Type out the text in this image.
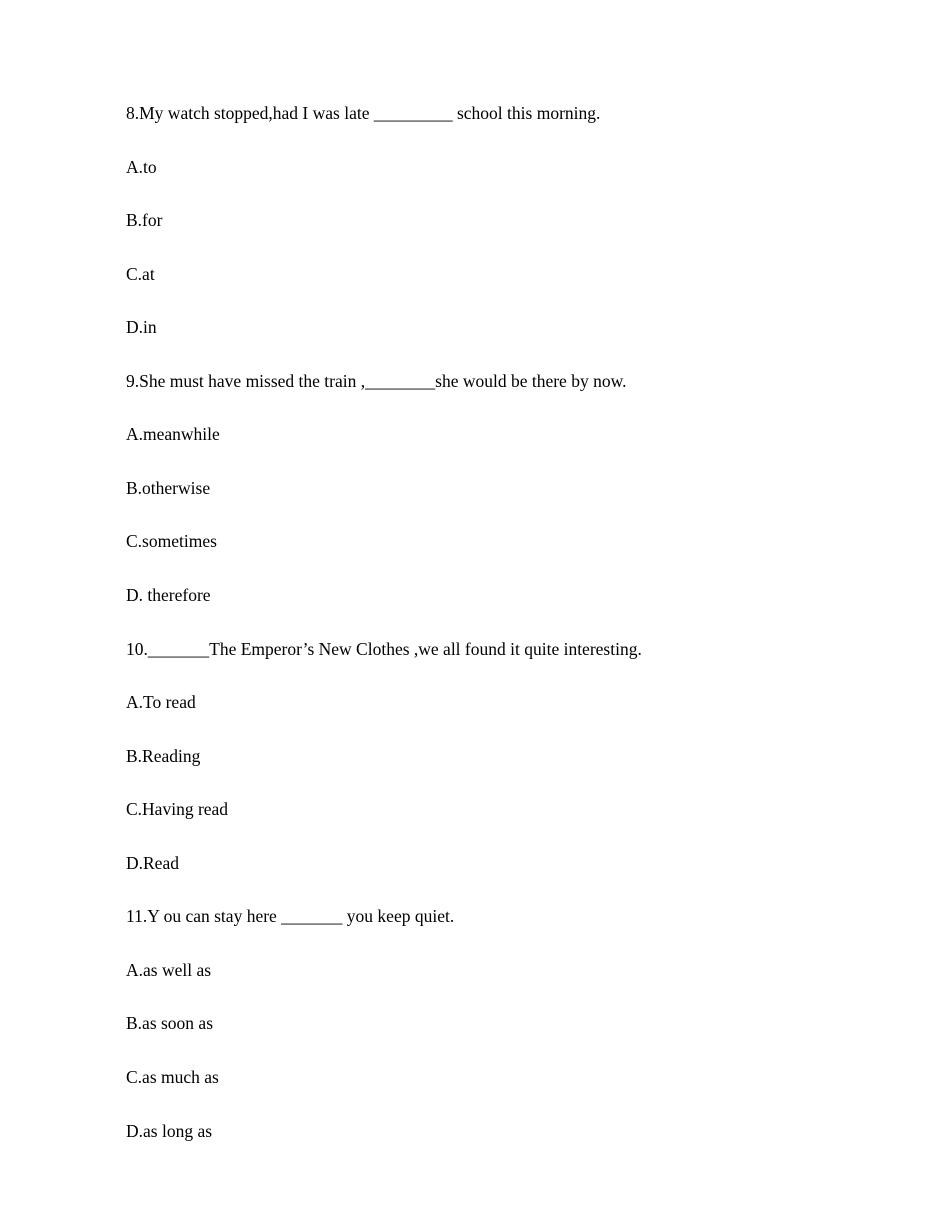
8.My watch stopped,had I was late _________ school this morning.

A.to

B.for

C.at

D.in

9.She must have missed the train ,________she would be there by now.

A.meanwhile

B.otherwise

C.sometimes

D. therefore

10._______The Emperor’s New Clothes ,we all found it quite interesting.

A.To read

B.Reading

C.Having read

D.Read

11.Y ou can stay here _______ you keep quiet.

A.as well as

B.as soon as

C.as much as

D.as long as
